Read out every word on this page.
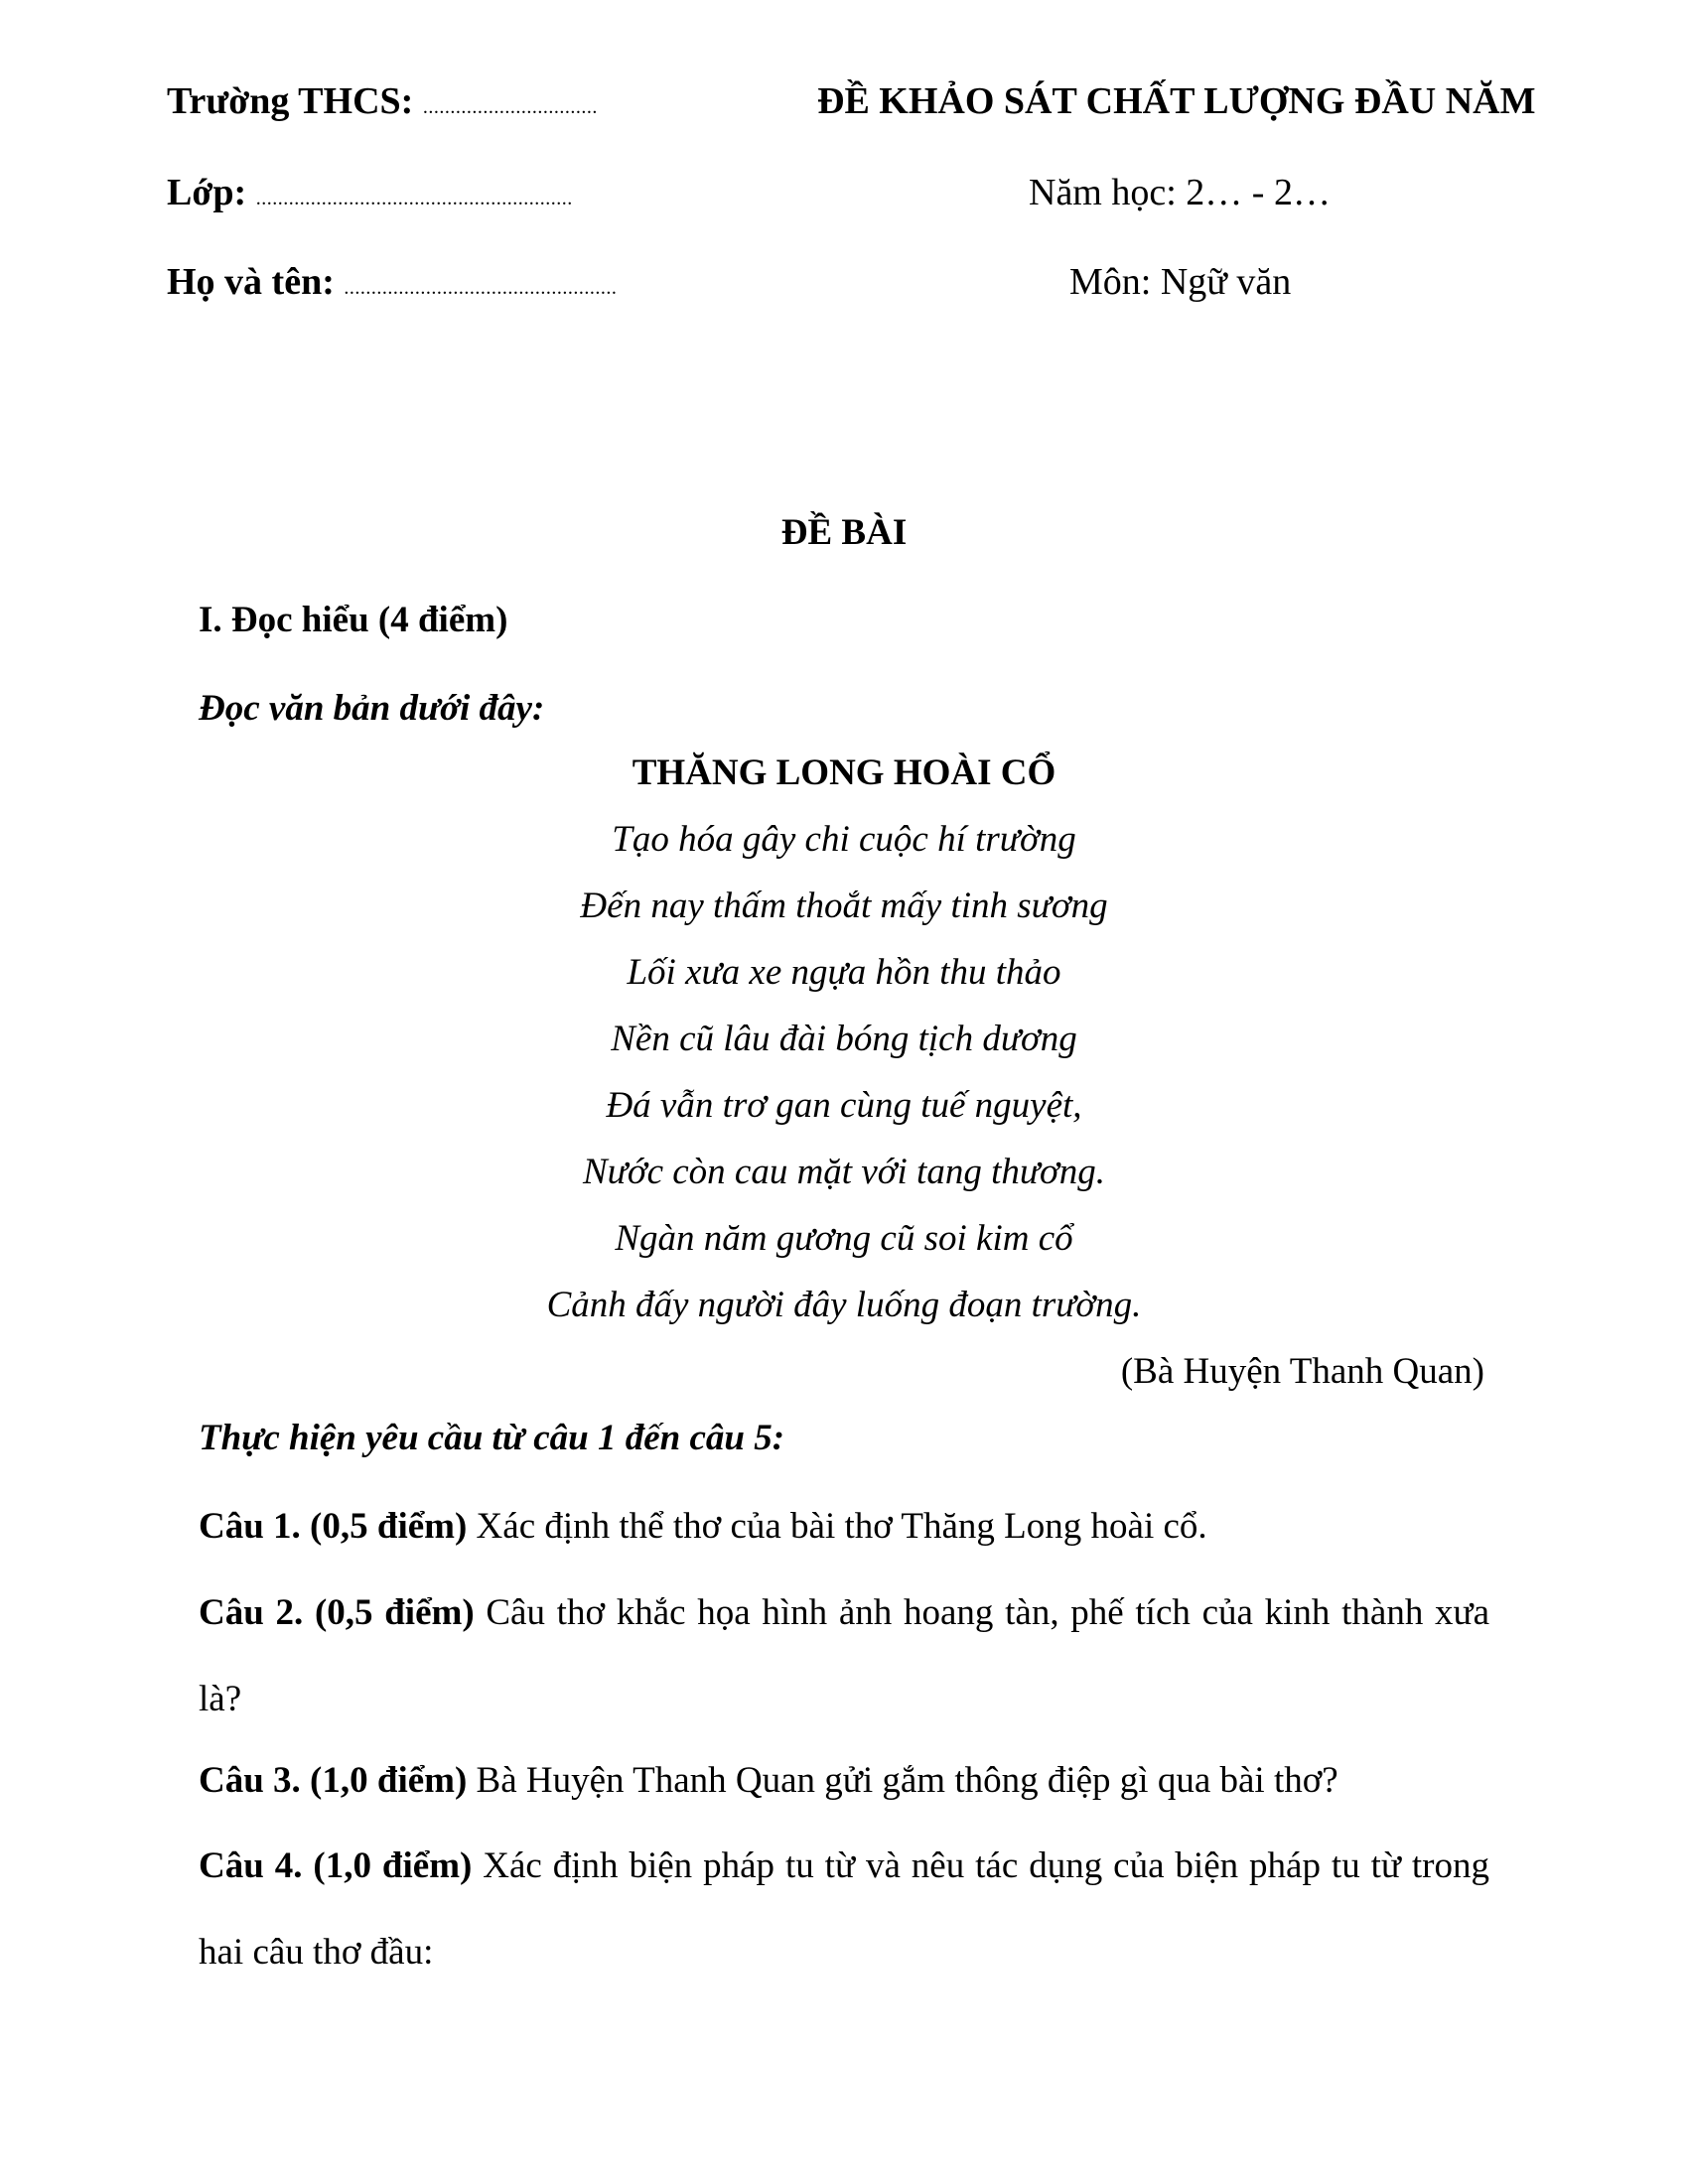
Trường THCS: ................................	ĐỀ KHẢO SÁT CHẤT LƯỢNG ĐẦU NĂM
Lớp: ..........................................................	Năm học: 2… - 2…
Họ và tên: ..................................................	Môn: Ngữ văn
ĐỀ BÀI
I. Đọc hiểu (4 điểm)
Đọc văn bản dưới đây:
THĂNG LONG HOÀI CỔ
Tạo hóa gây chi cuộc hí trường
Đến nay thấm thoắt mấy tinh sương
Lối xưa xe ngựa hồn thu thảo
Nền cũ lâu đài bóng tịch dương
Đá vẫn trơ gan cùng tuế nguyệt,
Nước còn cau mặt với tang thương.
Ngàn năm gương cũ soi kim cổ
Cảnh đấy người đây luống đoạn trường.
(Bà Huyện Thanh Quan)
Thực hiện yêu cầu từ câu 1 đến câu 5:
Câu 1. (0,5 điểm) Xác định thể thơ của bài thơ Thăng Long hoài cổ.
Câu 2. (0,5 điểm) Câu thơ khắc họa hình ảnh hoang tàn, phế tích của kinh thành xưa là?
Câu 3. (1,0 điểm) Bà Huyện Thanh Quan gửi gắm thông điệp gì qua bài thơ?
Câu 4. (1,0 điểm) Xác định biện pháp tu từ và nêu tác dụng của biện pháp tu từ trong hai câu thơ đầu:
